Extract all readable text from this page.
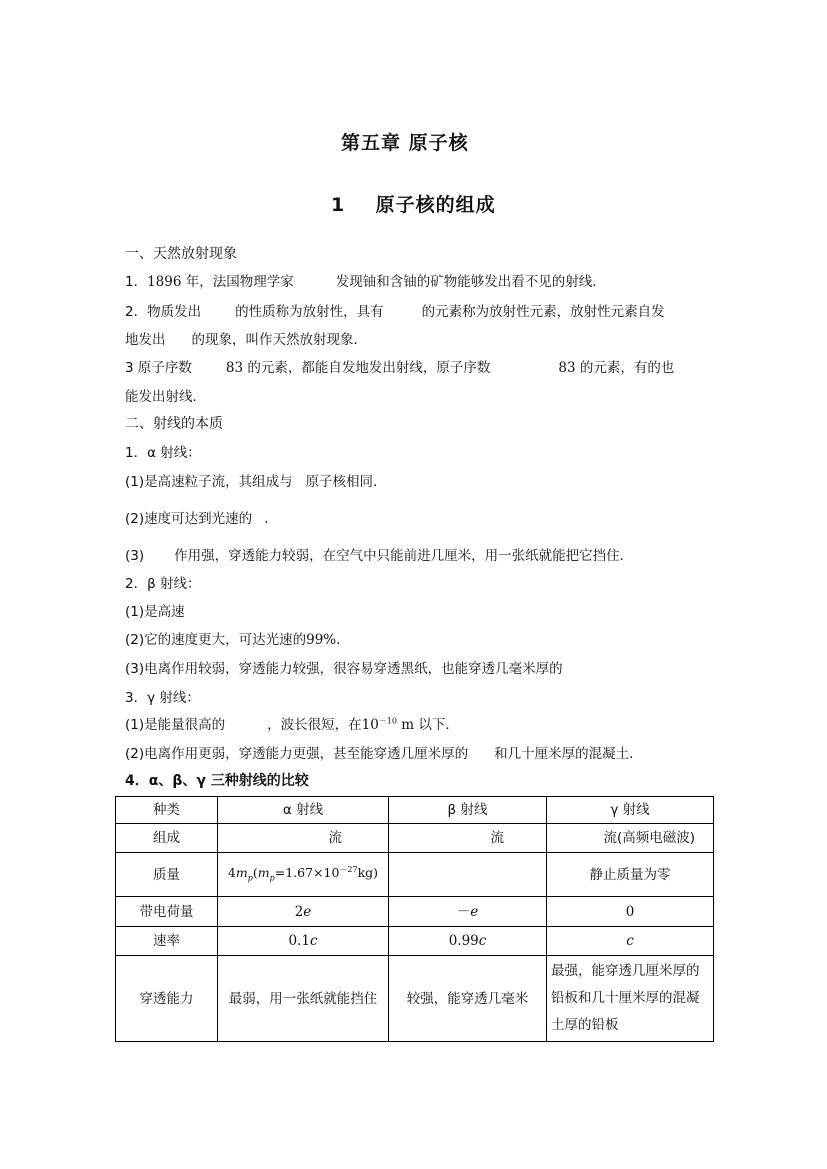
第五章 原子核
1    原子核的组成
一、天然放射现象
1．1896 年，法国物理学家	发现铀和含铀的矿物能够发出看不见的射线．
2．物质发出	的性质称为放射性，具有	的元素称为放射性元素，放射性元素自发
地发出 的现象，叫作天然放射现象．
3 原子序数	83 的元素，都能自发地发出射线，原子序数	83 的元素，有的也
能发出射线．
二、射线的本质
1．α 射线：
(1)是高速粒子流，其组成与   原子核相同．
(2)速度可达到光速的 .
(3) 作用强，穿透能力较弱，在空气中只能前进几厘米，用一张纸就能把它挡住．
2．β 射线：
(1)是高速
(2)它的速度更大，可达光速的99%.
(3)电离作用较弱，穿透能力较强，很容易穿透黑纸，也能穿透几毫米厚的
3．γ 射线：
(1)是能量很高的	，波长很短，在$10^{-10}$ m 以下．
(2)电离作用更弱，穿透能力更强，甚至能穿透几厘米厚的 和几十厘米厚的混凝土．
4．α、β、γ 三种射线的比较
种类	α 射线	β 射线	γ 射线
组成	流	流	流(高频电磁波)
质量	$4m_p(m_p=1.67\times 10^{-27}kg)$		静止质量为零
带电荷量	2e	－e	0
速率	0.1c	0.99c	c
穿透能力	最弱，用一张纸就能挡住	较强，能穿透几毫米	最强，能穿透几厘米厚的铅板和几十厘米厚的混凝土厚的铅板
